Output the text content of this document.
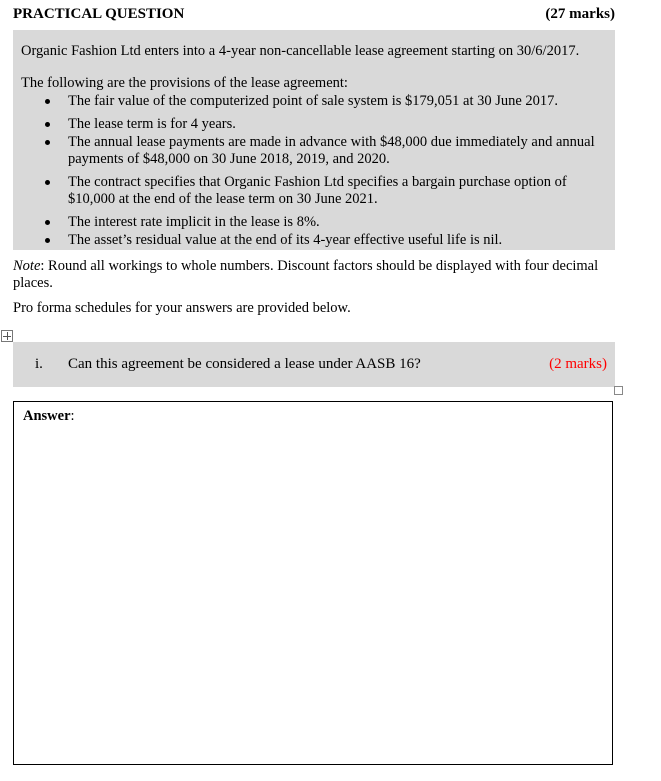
PRACTICAL QUESTION	(27 marks)
Organic Fashion Ltd enters into a 4-year non-cancellable lease agreement starting on 30/6/2017.
The following are the provisions of the lease agreement:
The fair value of the computerized point of sale system is $179,051 at 30 June 2017.
The lease term is for 4 years.
The annual lease payments are made in advance with $48,000 due immediately and annual payments of $48,000 on 30 June 2018, 2019, and 2020.
The contract specifies that Organic Fashion Ltd specifies a bargain purchase option of $10,000 at the end of the lease term on 30 June 2021.
The interest rate implicit in the lease is 8%.
The asset’s residual value at the end of its 4-year effective useful life is nil.
Note: Round all workings to whole numbers. Discount factors should be displayed with four decimal places.
Pro forma schedules for your answers are provided below.
i. Can this agreement be considered a lease under AASB 16?	(2 marks)
Answer:
